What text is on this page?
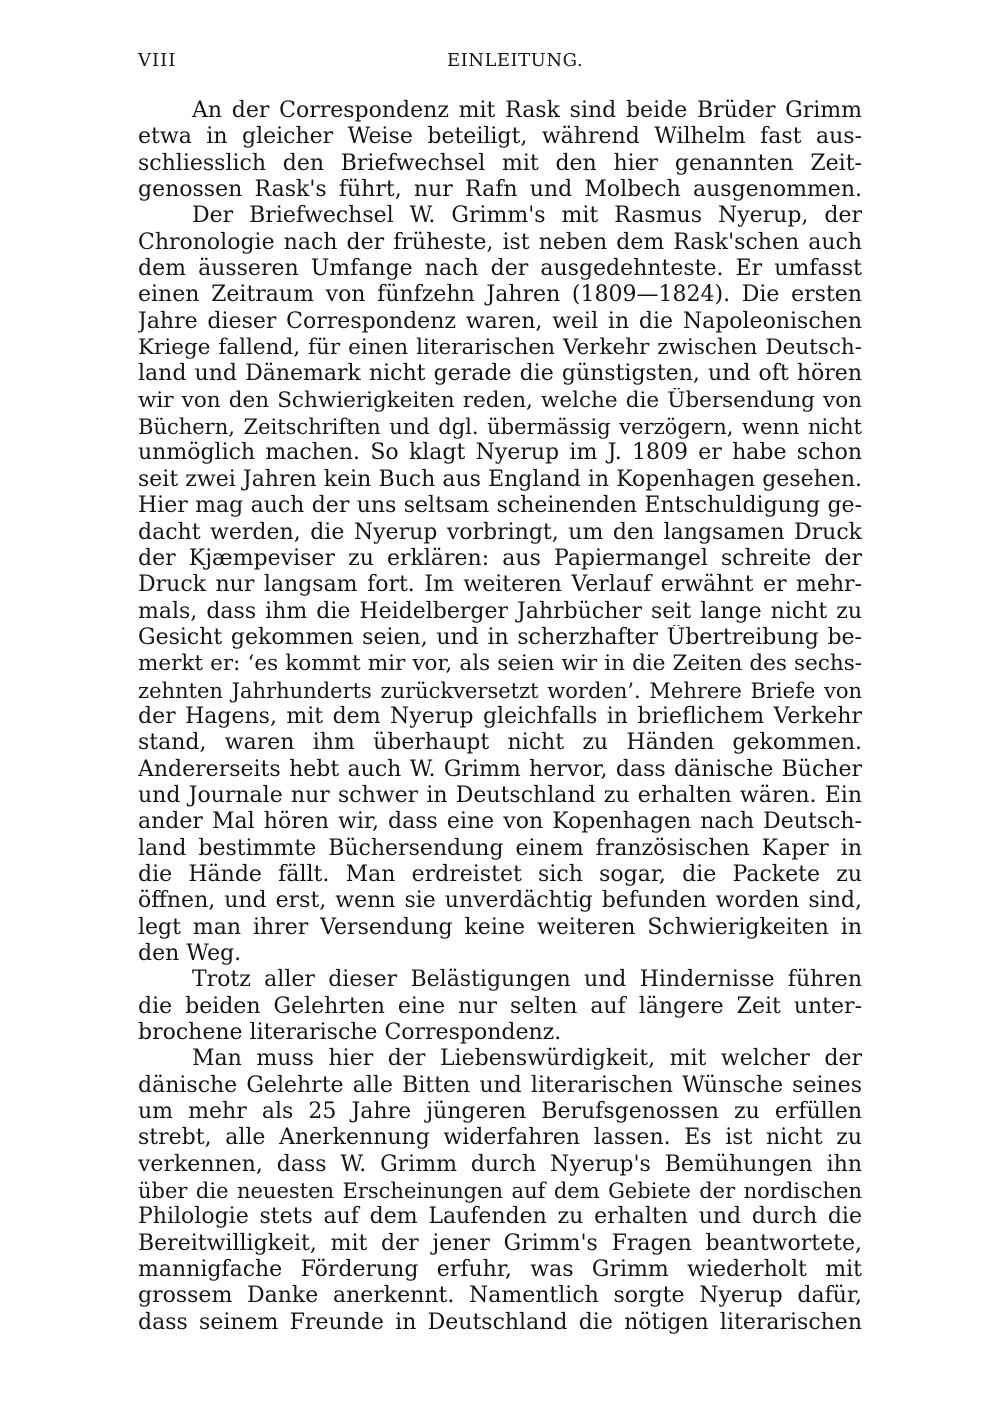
VIII	EINLEITUNG.
An der Correspondenz mit Rask sind beide Brüder Grimm
etwa in gleicher Weise beteiligt, während Wilhelm fast aus-
schliesslich den Briefwechsel mit den hier genannten Zeit-
genossen Rask's führt, nur Rafn und Molbech ausgenommen.
Der Briefwechsel W. Grimm's mit Rasmus Nyerup, der
Chronologie nach der früheste, ist neben dem Rask'schen auch
dem äusseren Umfange nach der ausgedehnteste. Er umfasst
einen Zeitraum von fünfzehn Jahren (1809—1824). Die ersten
Jahre dieser Correspondenz waren, weil in die Napoleonischen
Kriege fallend, für einen literarischen Verkehr zwischen Deutsch-
land und Dänemark nicht gerade die günstigsten, und oft hören
wir von den Schwierigkeiten reden, welche die Übersendung von
Büchern, Zeitschriften und dgl. übermässig verzögern, wenn nicht
unmöglich machen. So klagt Nyerup im J. 1809 er habe schon
seit zwei Jahren kein Buch aus England in Kopenhagen gesehen.
Hier mag auch der uns seltsam scheinenden Entschuldigung ge-
dacht werden, die Nyerup vorbringt, um den langsamen Druck
der Kjæmpeviser zu erklären: aus Papiermangel schreite der
Druck nur langsam fort. Im weiteren Verlauf erwähnt er mehr-
mals, dass ihm die Heidelberger Jahrbücher seit lange nicht zu
Gesicht gekommen seien, und in scherzhafter Übertreibung be-
merkt er: ‘es kommt mir vor, als seien wir in die Zeiten des sechs-
zehnten Jahrhunderts zurückversetzt worden’. Mehrere Briefe von
der Hagens, mit dem Nyerup gleichfalls in brieflichem Verkehr
stand, waren ihm überhaupt nicht zu Händen gekommen.
Andererseits hebt auch W. Grimm hervor, dass dänische Bücher
und Journale nur schwer in Deutschland zu erhalten wären. Ein
ander Mal hören wir, dass eine von Kopenhagen nach Deutsch-
land bestimmte Büchersendung einem französischen Kaper in
die Hände fällt. Man erdreistet sich sogar, die Packete zu
öffnen, und erst, wenn sie unverdächtig befunden worden sind,
legt man ihrer Versendung keine weiteren Schwierigkeiten in
den Weg.
Trotz aller dieser Belästigungen und Hindernisse führen
die beiden Gelehrten eine nur selten auf längere Zeit unter-
brochene literarische Correspondenz.
Man muss hier der Liebenswürdigkeit, mit welcher der
dänische Gelehrte alle Bitten und literarischen Wünsche seines
um mehr als 25 Jahre jüngeren Berufsgenossen zu erfüllen
strebt, alle Anerkennung widerfahren lassen. Es ist nicht zu
verkennen, dass W. Grimm durch Nyerup's Bemühungen ihn
über die neuesten Erscheinungen auf dem Gebiete der nordischen
Philologie stets auf dem Laufenden zu erhalten und durch die
Bereitwilligkeit, mit der jener Grimm's Fragen beantwortete,
mannigfache Förderung erfuhr, was Grimm wiederholt mit
grossem Danke anerkennt. Namentlich sorgte Nyerup dafür,
dass seinem Freunde in Deutschland die nötigen literarischen
